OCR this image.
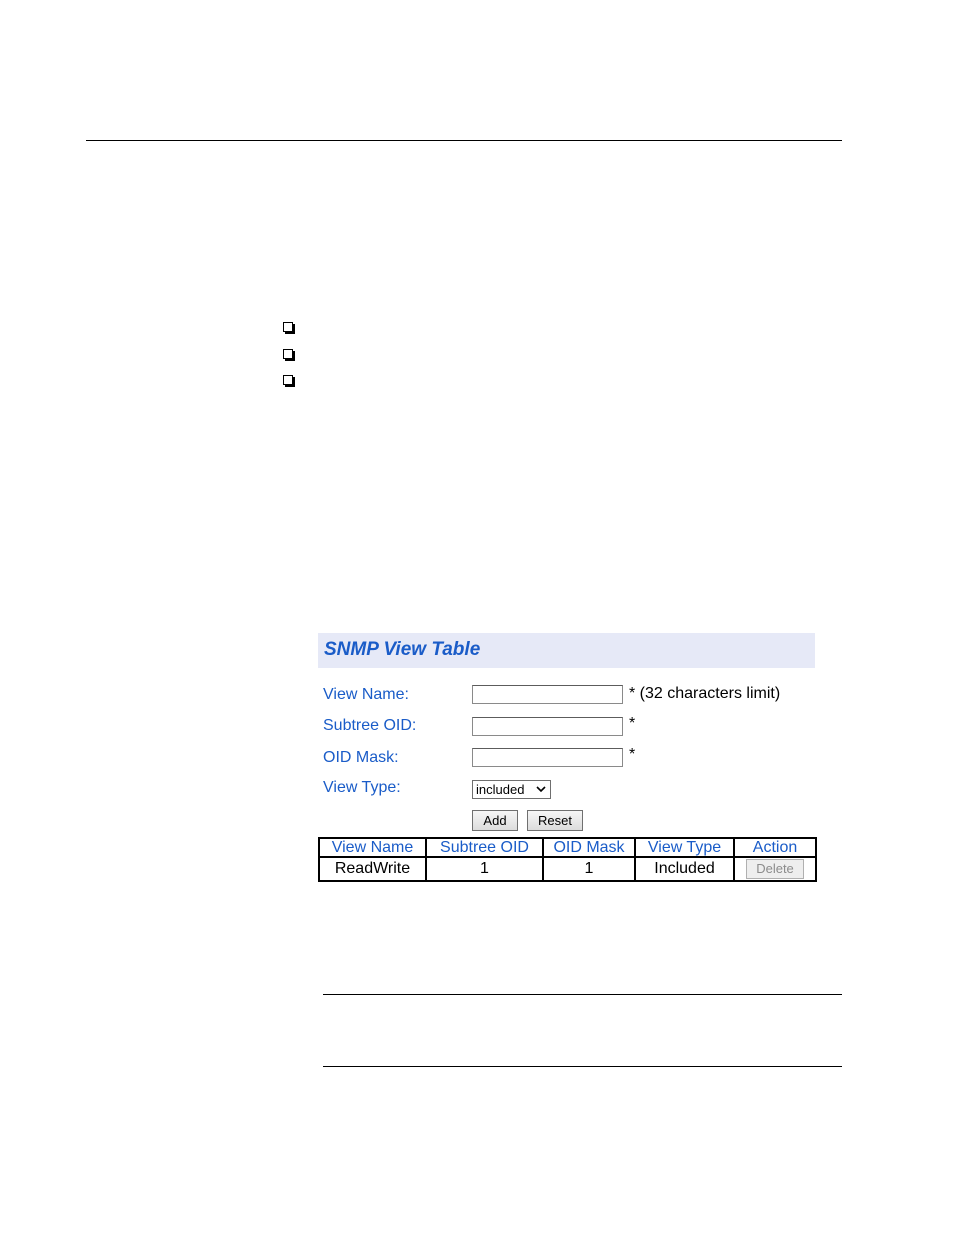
SNMP View Table
View Name:	* (32 characters limit)
Subtree OID:	*
OID Mask:	*
View Type:	included
Add	Reset
View Name	Subtree OID	OID Mask	View Type	Action
ReadWrite	1	1	Included	Delete
